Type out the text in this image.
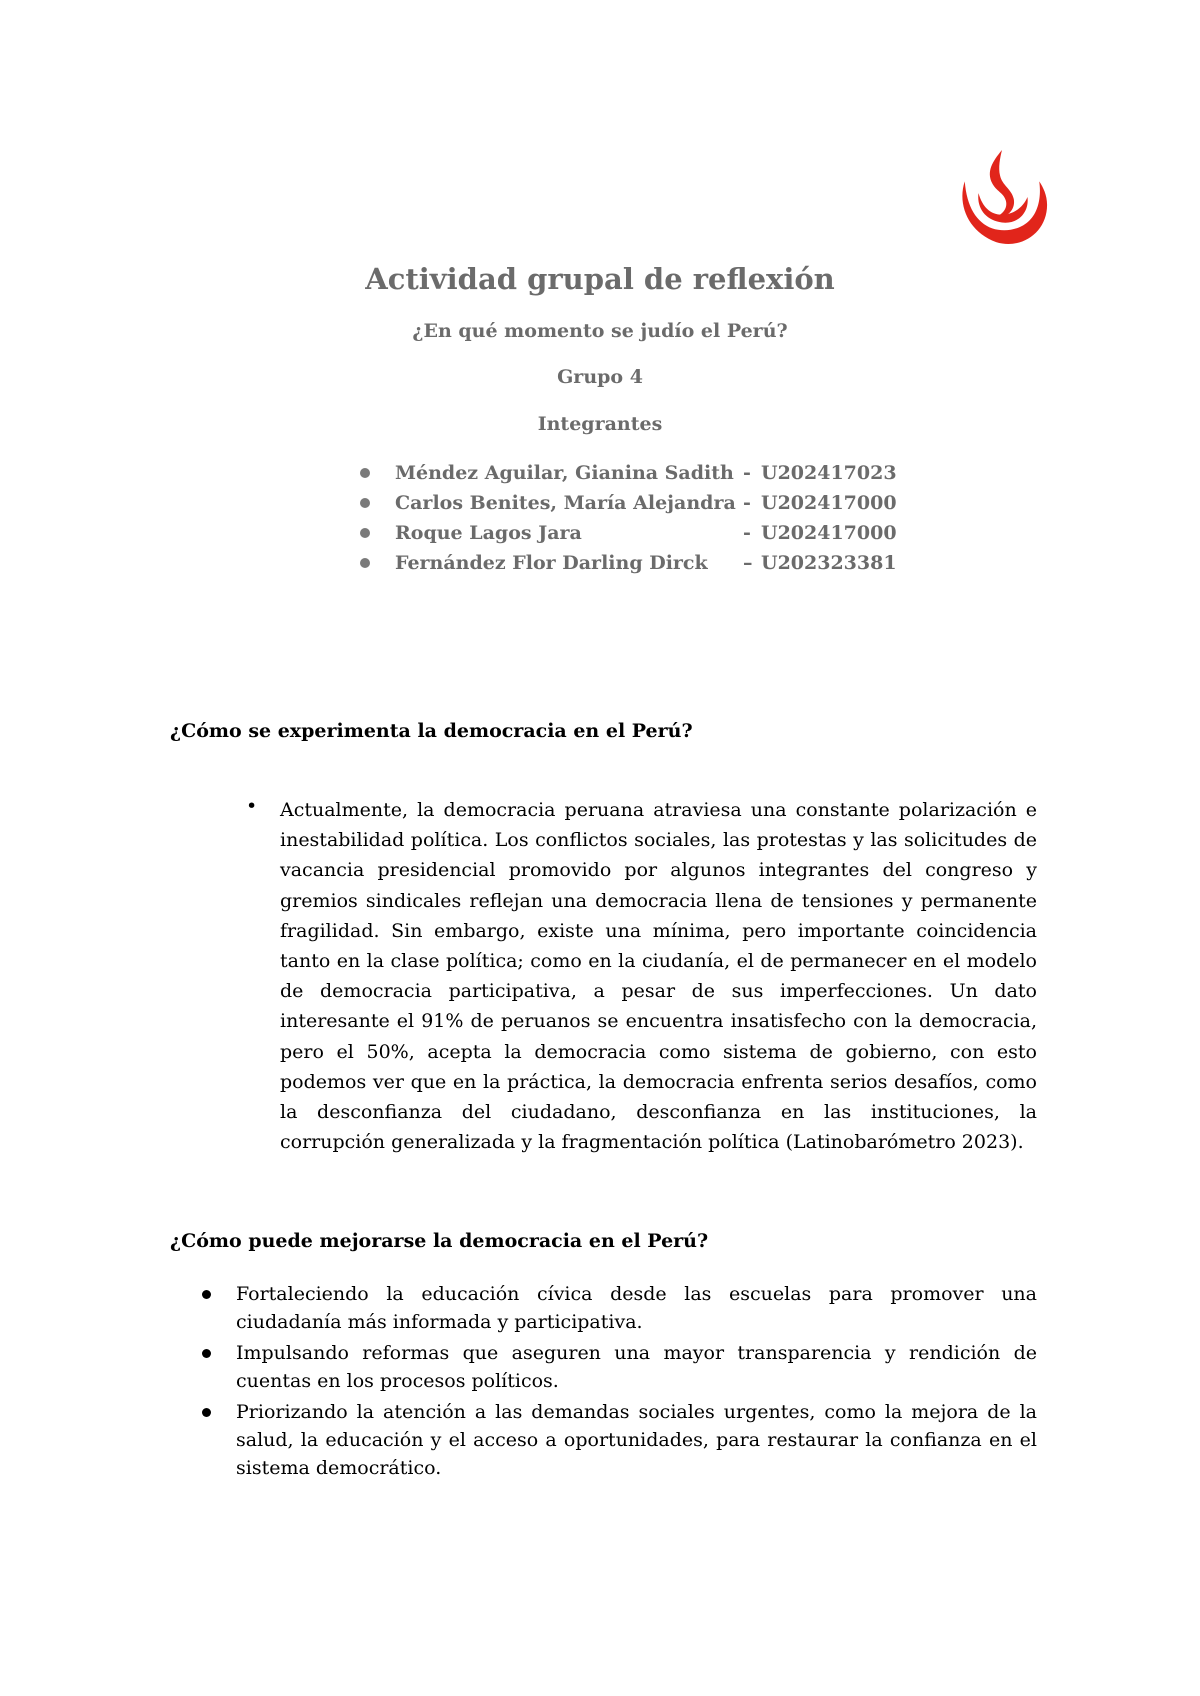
Actividad grupal de reflexión
¿En qué momento se judío el Perú?
Grupo 4
Integrantes
Méndez Aguilar, Gianina Sadith - U202417023
Carlos Benites, María Alejandra - U202417000
Roque Lagos Jara	- U202417000
Fernández Flor Darling Dirck	– U202323381
¿Cómo se experimenta la democracia en el Perú?
• Actualmente, la democracia peruana atraviesa una constante polarización e inestabilidad política. Los conflictos sociales, las protestas y las solicitudes de vacancia presidencial promovido por algunos integrantes del congreso y gremios sindicales reflejan una democracia llena de tensiones y permanente fragilidad. Sin embargo, existe una mínima, pero importante coincidencia tanto en la clase política; como en la ciudanía, el de permanecer en el modelo de democracia participativa, a pesar de sus imperfecciones. Un dato interesante el 91% de peruanos se encuentra insatisfecho con la democracia, pero el 50%, acepta la democracia como sistema de gobierno, con esto podemos ver que en la práctica, la democracia enfrenta serios desafíos, como la desconfianza del ciudadano, desconfianza en las instituciones, la corrupción generalizada y la fragmentación política (Latinobarómetro 2023).

¿Cómo puede mejorarse la democracia en el Perú?
Fortaleciendo la educación cívica desde las escuelas para promover una ciudadanía más informada y participativa.
Impulsando reformas que aseguren una mayor transparencia y rendición de cuentas en los procesos políticos.
Priorizando la atención a las demandas sociales urgentes, como la mejora de la salud, la educación y el acceso a oportunidades, para restaurar la confianza en el sistema democrático.
